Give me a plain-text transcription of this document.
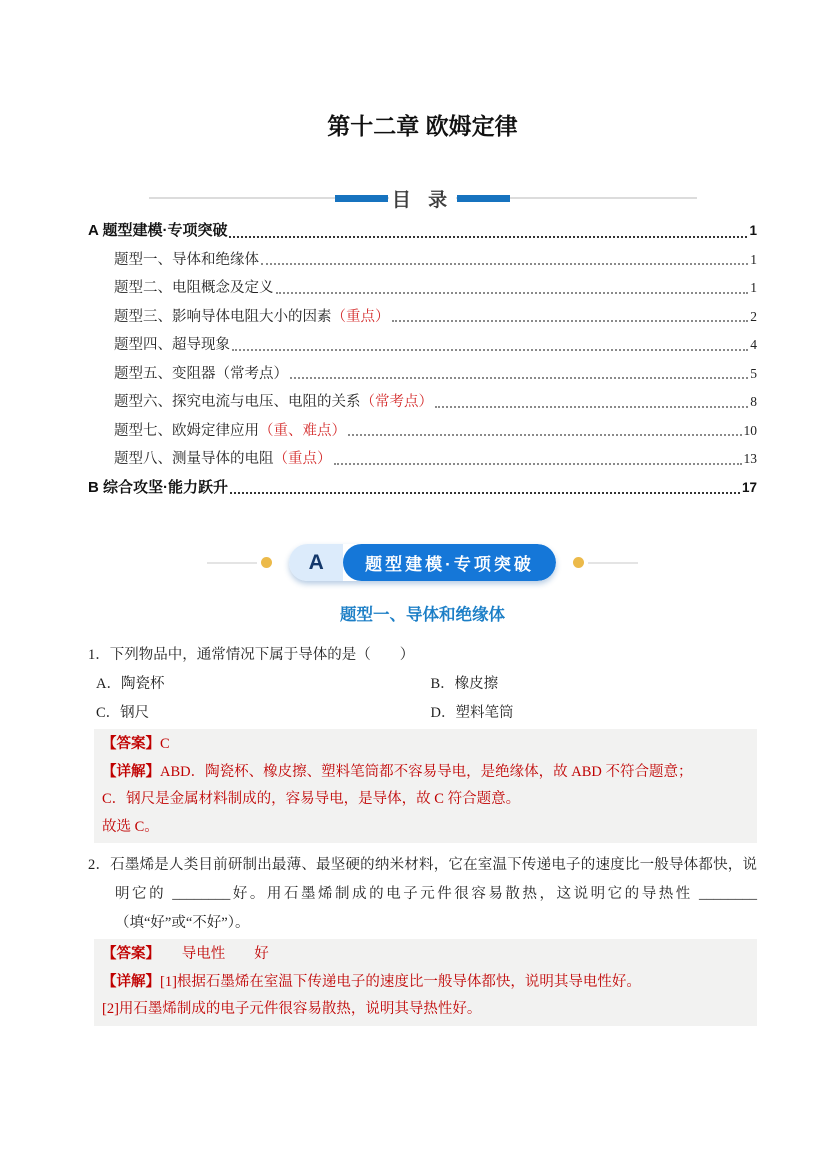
第十二章 欧姆定律
目 录
A 题型建模·专项突破	1
题型一、导体和绝缘体	1
题型二、电阻概念及定义	1
题型三、影响导体电阻大小的因素 （重点）	2
题型四、超导现象	4
题型五、变阻器（常考点）	5
题型六、探究电流与电压、电阻的关系 （常考点）	8
题型七、欧姆定律应用 （重、难点）	10
题型八、测量导体的电阻 （重点）	13
B 综合攻坚·能力跃升	17
A	题型建模·专项突破
题型一、导体和绝缘体

1．下列物品中，通常情况下属于导体的是（　　）

A．陶瓷杯	B．橡皮擦
C．钢尺	D．塑料笔筒

【答案】C

【详解】ABD．陶瓷杯、橡皮擦、塑料笔筒都不容易导电，是绝缘体，故 ABD 不符合题意；

C．钢尺是金属材料制成的，容易导电，是导体，故 C 符合题意。

故选 C。

2．石墨烯是人类目前研制出最薄、最坚硬的纳米材料，它在室温下传递电子的速度比一般导体都快，说明它的 ________好。用石墨烯制成的电子元件很容易散热，这说明它的导热性 ________（填“好”或“不好”）。

【答案】　　导电性　　好

【详解】[1]根据石墨烯在室温下传递电子的速度比一般导体都快，说明其导电性好。

[2]用石墨烯制成的电子元件很容易散热，说明其导热性好。
